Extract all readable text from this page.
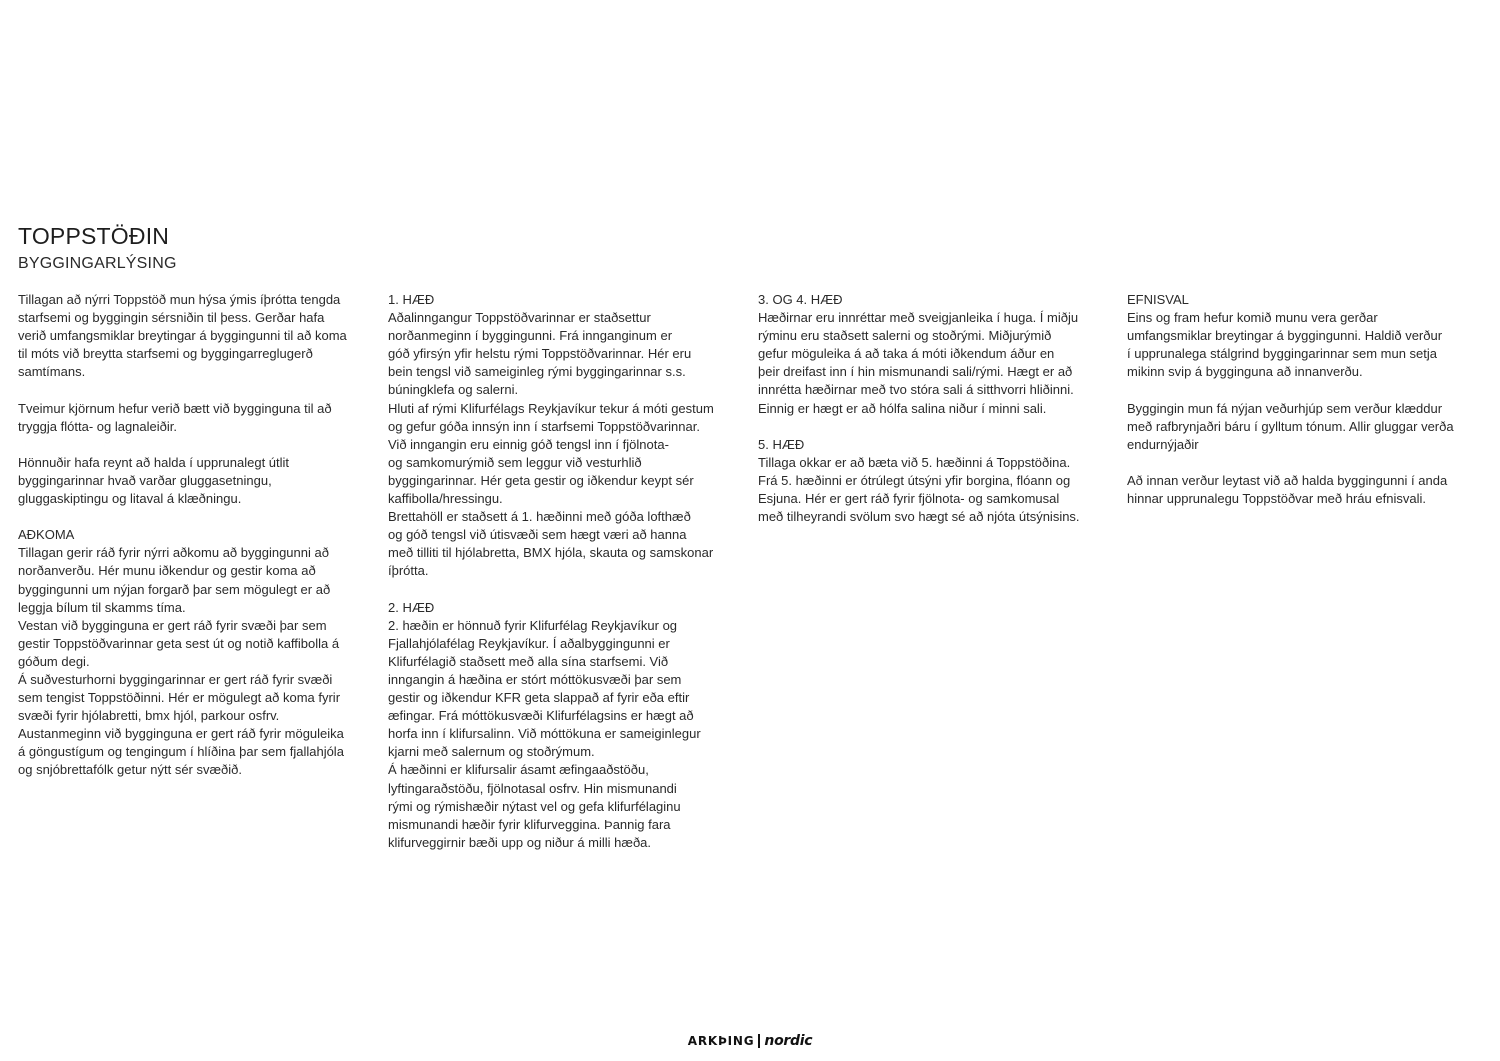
TOPPSTÖÐIN
BYGGINGARLÝSING

Tillagan að nýrri Toppstöð mun hýsa ýmis íþrótta tengda
starfsemi og byggingin sérsniðin til þess. Gerðar hafa
verið umfangsmiklar breytingar á byggingunni til að koma
til móts við breytta starfsemi og byggingarreglugerð
samtímans.

Tveimur kjörnum hefur verið bætt við bygginguna til að
tryggja flótta- og lagnaleiðir.

Hönnuðir hafa reynt að halda í upprunalegt útlit
byggingarinnar hvað varðar gluggasetningu,
gluggaskiptingu og litaval á klæðningu.

AÐKOMA
Tillagan gerir ráð fyrir nýrri aðkomu að byggingunni að
norðanverðu. Hér munu iðkendur og gestir koma að
byggingunni um nýjan forgarð þar sem mögulegt er að
leggja bílum til skamms tíma.
Vestan við bygginguna er gert ráð fyrir svæði þar sem
gestir Toppstöðvarinnar geta sest út og notið kaffibolla á
góðum degi.
Á suðvesturhorni byggingarinnar er gert ráð fyrir svæði
sem tengist Toppstöðinni. Hér er mögulegt að koma fyrir
svæði fyrir hjólabretti, bmx hjól, parkour osfrv.
Austanmeginn við bygginguna er gert ráð fyrir möguleika
á göngustígum og tengingum í hlíðina þar sem fjallahjóla
og snjóbrettafólk getur nýtt sér svæðið.

1. HÆÐ
Aðalinngangur Toppstöðvarinnar er staðsettur
norðanmeginn í byggingunni. Frá innganginum er
góð yfirsýn yfir helstu rými Toppstöðvarinnar. Hér eru
bein tengsl við sameiginleg rými byggingarinnar s.s.
búningklefa og salerni.
Hluti af rými Klifurfélags Reykjavíkur tekur á móti gestum
og gefur góða innsýn inn í starfsemi Toppstöðvarinnar.
Við inngangin eru einnig góð tengsl inn í fjölnota-
og samkomurýmið sem leggur við vesturhlið
byggingarinnar. Hér geta gestir og iðkendur keypt sér
kaffibolla/hressingu.
Brettahöll er staðsett á 1. hæðinni með góða lofthæð
og góð tengsl við útisvæði sem hægt væri að hanna
með tilliti til hjólabretta, BMX hjóla, skauta og samskonar
íþrótta.

2. HÆÐ
2. hæðin er hönnuð fyrir Klifurfélag Reykjavíkur og
Fjallahjólafélag Reykjavíkur. Í aðalbyggingunni er
Klifurfélagið staðsett með alla sína starfsemi. Við
inngangin á hæðina er stórt móttökusvæði þar sem
gestir og iðkendur KFR geta slappað af fyrir eða eftir
æfingar. Frá móttökusvæði Klifurfélagsins er hægt að
horfa inn í klifursalinn. Við móttökuna er sameiginlegur
kjarni með salernum og stoðrýmum.
Á hæðinni er klifursalir ásamt æfingaaðstöðu,
lyftingaraðstöðu, fjölnotasal osfrv. Hin mismunandi
rými og rýmishæðir nýtast vel og gefa klifurfélaginu
mismunandi hæðir fyrir klifurveggina. Þannig fara
klifurveggirnir bæði upp og niður á milli hæða.

3. OG 4. HÆÐ
Hæðirnar eru innréttar með sveigjanleika í huga. Í miðju
rýminu eru staðsett salerni og stoðrými. Miðjurýmið
gefur möguleika á að taka á móti iðkendum áður en
þeir dreifast inn í hin mismunandi sali/rými. Hægt er að
innrétta hæðirnar með tvo stóra sali á sitthvorri hliðinni.
Einnig er hægt er að hólfa salina niður í minni sali.

5. HÆÐ
Tillaga okkar er að bæta við 5. hæðinni á Toppstöðina.
Frá 5. hæðinni er ótrúlegt útsýni yfir borgina, flóann og
Esjuna. Hér er gert ráð fyrir fjölnota- og samkomusal
með tilheyrandi svölum svo hægt sé að njóta útsýnisins.

EFNISVAL
Eins og fram hefur komið munu vera gerðar
umfangsmiklar breytingar á byggingunni. Haldið verður
í upprunalega stálgrind byggingarinnar sem mun setja
mikinn svip á bygginguna að innanverðu.

Byggingin mun fá nýjan veðurhjúp sem verður klæddur
með rafbrynjaðri báru í gylltum tónum. Allir gluggar verða
endurnýjaðir

Að innan verður leytast við að halda byggingunni í anda
hinnar upprunalegu Toppstöðvar með hráu efnisvali.

ARKÞING nordic
